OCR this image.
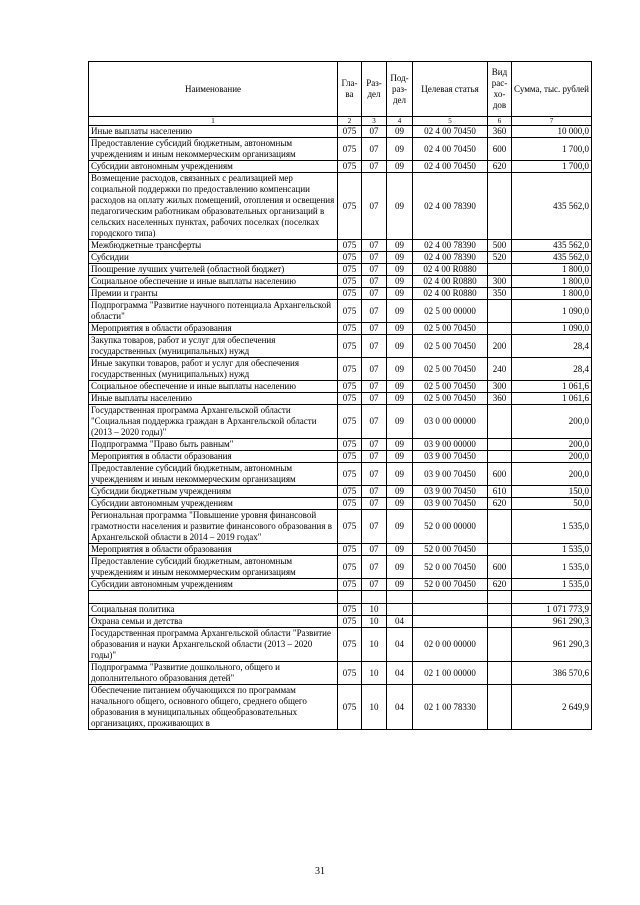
Наименование	Гла-ва	Раз-дел	Под-раз-дел	Целевая статья	Вид рас-хо-дов	Сумма, тыс. рублей
1	2	3	4	5	6	7
Иные выплаты населению	075	07	09	02 4 00 70450	360	10 000,0
Предоставление субсидий бюджетным, автономным учреждениям и иным некоммерческим организациям	075	07	09	02 4 00 70450	600	1 700,0
Субсидии автономным учреждениям	075	07	09	02 4 00 70450	620	1 700,0
Возмещение расходов, связанных с реализацией мер социальной поддержки по предоставлению компенсации расходов на оплату жилых помещений, отопления и освещения педагогическим работникам образовательных организаций в сельских населенных пунктах, рабочих поселках (поселках городского типа)	075	07	09	02 4 00 78390		435 562,0
Межбюджетные трансферты	075	07	09	02 4 00 78390	500	435 562,0
Субсидии	075	07	09	02 4 00 78390	520	435 562,0
Поощрение лучших учителей (областной бюджет)	075	07	09	02 4 00 R0880		1 800,0
Социальное обеспечение и иные выплаты населению	075	07	09	02 4 00 R0880	300	1 800,0
Премии и гранты	075	07	09	02 4 00 R0880	350	1 800,0
Подпрограмма "Развитие научного потенциала Архангельской области"	075	07	09	02 5 00 00000		1 090,0
Мероприятия в области образования	075	07	09	02 5 00 70450		1 090,0
Закупка товаров, работ и услуг для обеспечения государственных (муниципальных) нужд	075	07	09	02 5 00 70450	200	28,4
Иные закупки товаров, работ и услуг для обеспечения государственных (муниципальных) нужд	075	07	09	02 5 00 70450	240	28,4
Социальное обеспечение и иные выплаты населению	075	07	09	02 5 00 70450	300	1 061,6
Иные выплаты населению	075	07	09	02 5 00 70450	360	1 061,6
Государственная программа Архангельской области "Социальная поддержка граждан в Архангельской области (2013 – 2020 годы)"	075	07	09	03 0 00 00000		200,0
Подпрограмма "Право быть равным"	075	07	09	03 9 00 00000		200,0
Мероприятия в области образования	075	07	09	03 9 00 70450		200,0
Предоставление субсидий бюджетным, автономным учреждениям и иным некоммерческим организациям	075	07	09	03 9 00 70450	600	200,0
Субсидии бюджетным учреждениям	075	07	09	03 9 00 70450	610	150,0
Субсидии автономным учреждениям	075	07	09	03 9 00 70450	620	50,0
Региональная программа "Повышение уровня финансовой грамотности населения и развитие финансового образования в Архангельской области в 2014 – 2019 годах"	075	07	09	52 0 00 00000		1 535,0
Мероприятия в области образования	075	07	09	52 0 00 70450		1 535,0
Предоставление субсидий бюджетным, автономным учреждениям и иным некоммерческим организациям	075	07	09	52 0 00 70450	600	1 535,0
Субсидии автономным учреждениям	075	07	09	52 0 00 70450	620	1 535,0

Социальная политика	075	10				1 071 773,9
Охрана семьи и детства	075	10	04			961 290,3
Государственная программа Архангельской области "Развитие образования и науки Архангельской области (2013 – 2020 годы)"	075	10	04	02 0 00 00000		961 290,3
Подпрограмма "Развитие дошкольного, общего и дополнительного образования детей"	075	10	04	02 1 00 00000		386 570,6
Обеспечение питанием обучающихся по программам начального общего, основного общего, среднего общего образования в муниципальных общеобразовательных организациях, проживающих в	075	10	04	02 1 00 78330		2 649,9
31
